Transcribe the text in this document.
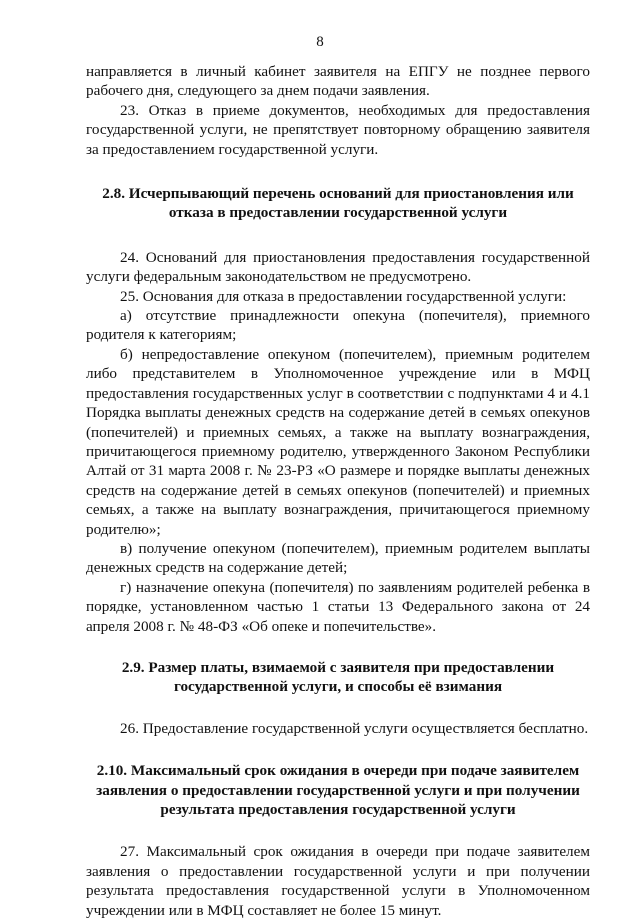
8

направляется в личный кабинет заявителя на ЕПГУ не позднее первого рабочего дня, следующего за днем подачи заявления.

23. Отказ в приеме документов, необходимых для предоставления государственной услуги, не препятствует повторному обращению заявителя за предоставлением государственной услуги.

2.8. Исчерпывающий перечень оснований для приостановления или отказа в предоставлении государственной услуги

24. Оснований для приостановления предоставления государственной услуги федеральным законодательством не предусмотрено.

25. Основания для отказа в предоставлении государственной услуги:

а) отсутствие принадлежности опекуна (попечителя), приемного родителя к категориям;

б) непредоставление опекуном (попечителем), приемным родителем либо представителем в Уполномоченное учреждение или в МФЦ предоставления государственных услуг в соответствии с подпунктами 4 и 4.1 Порядка выплаты денежных средств на содержание детей в семьях опекунов (попечителей) и приемных семьях, а также на выплату вознаграждения, причитающегося приемному родителю, утвержденного Законом Республики Алтай от 31 марта 2008 г. № 23-РЗ «О размере и порядке выплаты денежных средств на содержание детей в семьях опекунов (попечителей) и приемных семьях, а также на выплату вознаграждения, причитающегося приемному родителю»;

в) получение опекуном (попечителем), приемным родителем выплаты денежных средств на содержание детей;

г) назначение опекуна (попечителя) по заявлениям родителей ребенка в порядке, установленном частью 1 статьи 13 Федерального закона от 24 апреля 2008 г. № 48-ФЗ «Об опеке и попечительстве».

2.9. Размер платы, взимаемой с заявителя при предоставлении государственной услуги, и способы её взимания

26. Предоставление государственной услуги осуществляется бесплатно.

2.10. Максимальный срок ожидания в очереди при подаче заявителем заявления о предоставлении государственной услуги и при получении результата предоставления государственной услуги

27. Максимальный срок ожидания в очереди при подаче заявителем заявления о предоставлении государственной услуги и при получении результата предоставления государственной услуги в Уполномоченном учреждении или в МФЦ составляет не более 15 минут.
